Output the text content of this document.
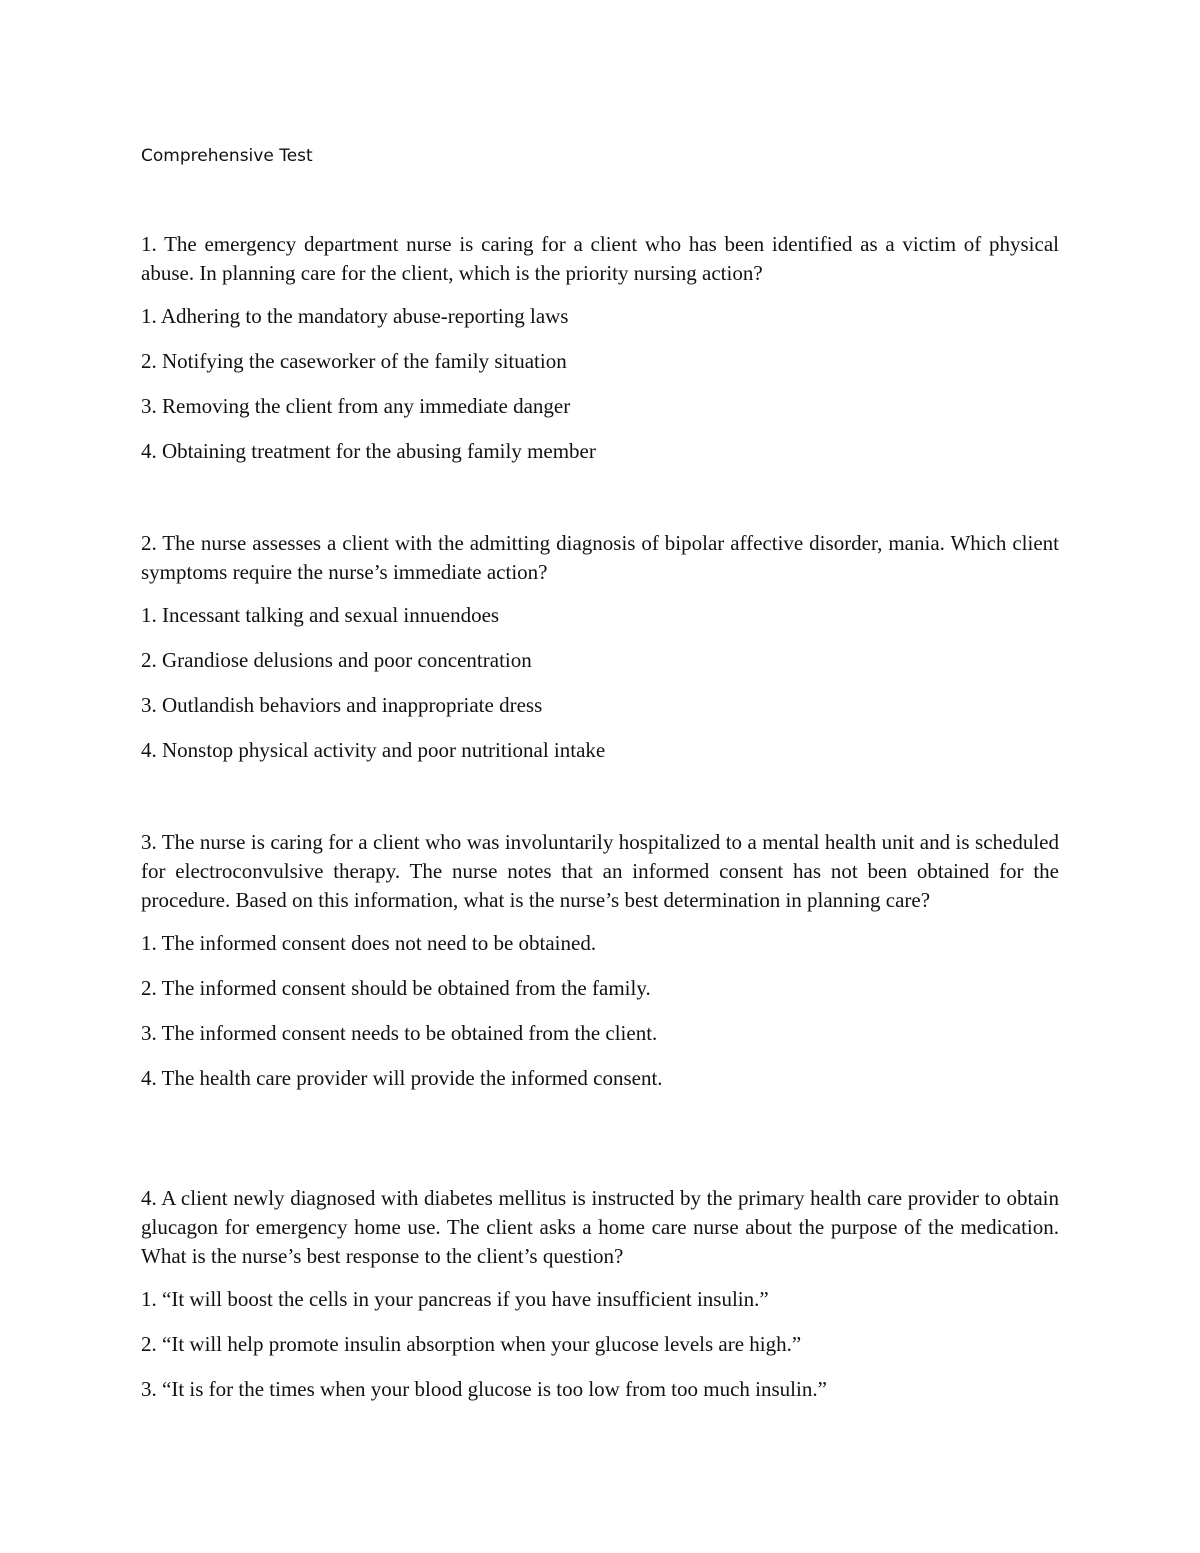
Comprehensive Test

1. The emergency department nurse is caring for a client who has been identified as a victim of physical abuse. In planning care for the client, which is the priority nursing action?

1. Adhering to the mandatory abuse-reporting laws

2. Notifying the caseworker of the family situation

3. Removing the client from any immediate danger

4. Obtaining treatment for the abusing family member

2. The nurse assesses a client with the admitting diagnosis of bipolar affective disorder, mania. Which client symptoms require the nurse’s immediate action?

1. Incessant talking and sexual innuendoes

2. Grandiose delusions and poor concentration

3. Outlandish behaviors and inappropriate dress

4. Nonstop physical activity and poor nutritional intake

3. The nurse is caring for a client who was involuntarily hospitalized to a mental health unit and is scheduled for electroconvulsive therapy. The nurse notes that an informed consent has not been obtained for the procedure. Based on this information, what is the nurse’s best determination in planning care?

1. The informed consent does not need to be obtained.

2. The informed consent should be obtained from the family.

3. The informed consent needs to be obtained from the client.

4. The health care provider will provide the informed consent.

4. A client newly diagnosed with diabetes mellitus is instructed by the primary health care provider to obtain glucagon for emergency home use. The client asks a home care nurse about the purpose of the medication. What is the nurse’s best response to the client’s question?

1. “It will boost the cells in your pancreas if you have insufficient insulin.”

2. “It will help promote insulin absorption when your glucose levels are high.”

3. “It is for the times when your blood glucose is too low from too much insulin.”
